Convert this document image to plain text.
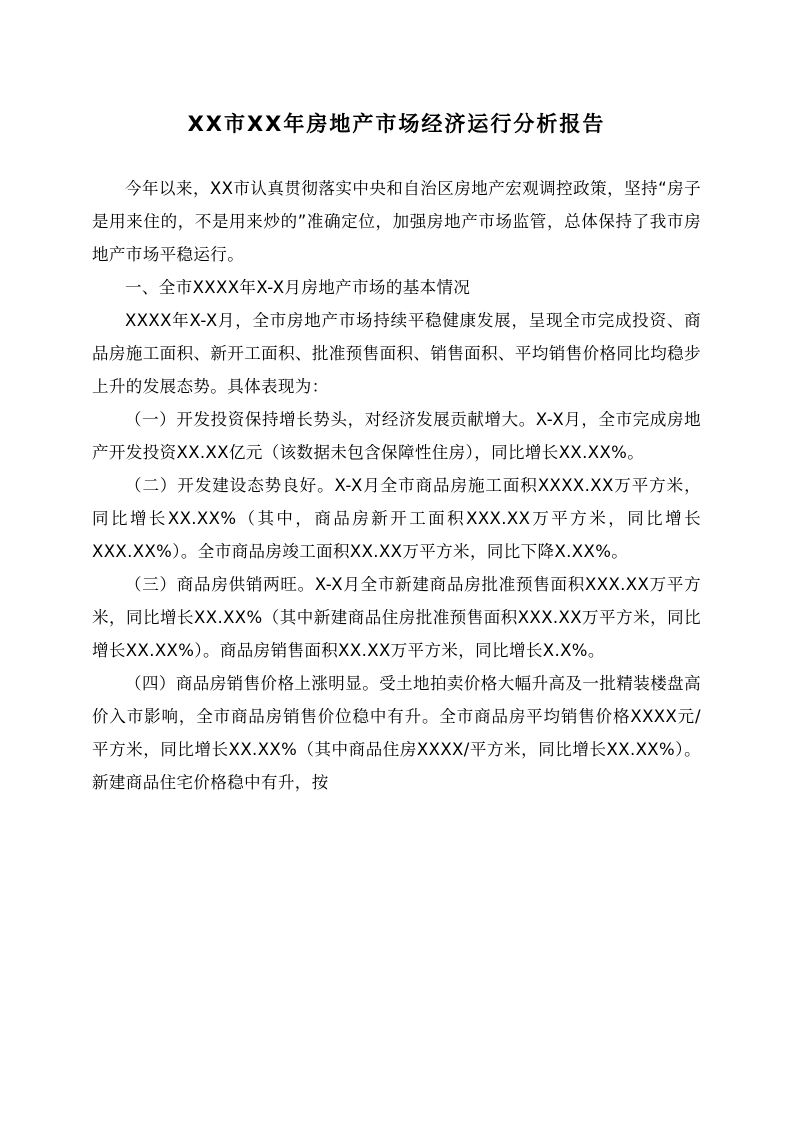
XX市XX年房地产市场经济运行分析报告

今年以来，XX市认真贯彻落实中央和自治区房地产宏观调控政策，坚持“房子是用来住的，不是用来炒的”准确定位，加强房地产市场监管，总体保持了我市房地产市场平稳运行。

一、全市XXXX年X-X月房地产市场的基本情况

XXXX年X-X月，全市房地产市场持续平稳健康发展，呈现全市完成投资、商品房施工面积、新开工面积、批准预售面积、销售面积、平均销售价格同比均稳步上升的发展态势。具体表现为：

（一）开发投资保持增长势头，对经济发展贡献增大。X-X月，全市完成房地产开发投资XX.XX亿元（该数据未包含保障性住房），同比增长XX.XX%。

（二）开发建设态势良好。X-X月全市商品房施工面积XXXX.XX万平方米，同比增长XX.XX%（其中，商品房新开工面积XXX.XX万平方米，同比增长XXX.XX%）。全市商品房竣工面积XX.XX万平方米，同比下降X.XX%。

（三）商品房供销两旺。X-X月全市新建商品房批准预售面积XXX.XX万平方米，同比增长XX.XX%（其中新建商品住房批准预售面积XXX.XX万平方米，同比增长XX.XX%）。商品房销售面积XX.XX万平方米，同比增长X.X%。

（四）商品房销售价格上涨明显。受土地拍卖价格大幅升高及一批精装楼盘高价入市影响，全市商品房销售价位稳中有升。全市商品房平均销售价格XXXX元/平方米，同比增长XX.XX%（其中商品住房XXXX/平方米，同比增长XX.XX%）。新建商品住宅价格稳中有升，按
